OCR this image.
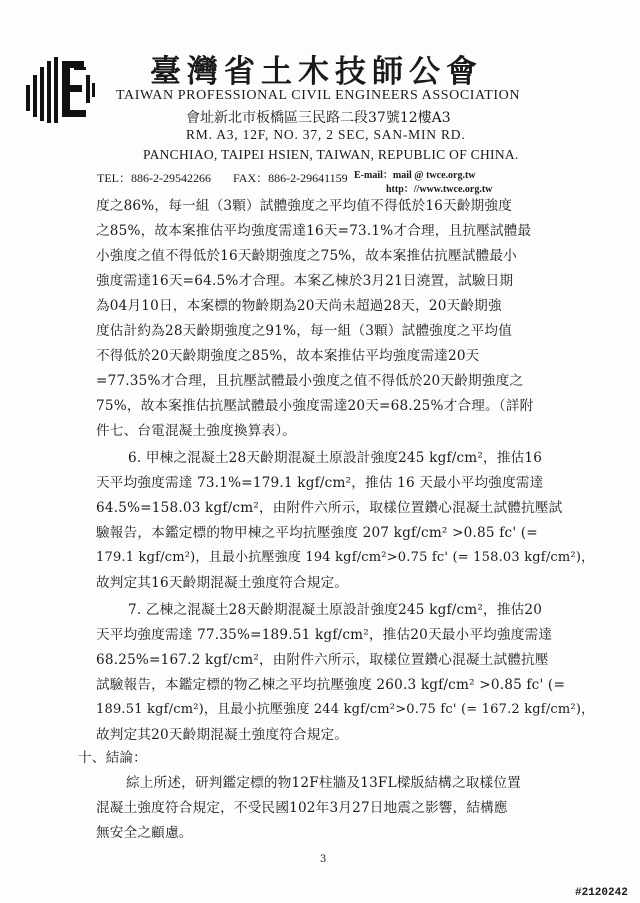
臺灣省土木技師公會
TAIWAN PROFESSIONAL CIVIL ENGINEERS ASSOCIATION
會址新北市板橋區三民路二段37號12樓A3
RM. A3, 12F, NO. 37, 2 SEC, SAN-MIN RD.
PANCHIAO, TAIPEI HSIEN, TAIWAN, REPUBLIC OF CHINA.
TEL：886-2-29542266 FAX：886-2-29641159 E-mail：mail @ twce.org.tw
http：//www.twce.org.tw
度之86%，每一組（3顆）試體強度之平均值不得低於16天齡期強度
之85%，故本案推估平均強度需達16天=73.1%才合理，且抗壓試體最
小強度之值不得低於16天齡期強度之75%，故本案推估抗壓試體最小
強度需達16天=64.5%才合理。本案乙棟於3月21日澆置，試驗日期
為04月10日，本案標的物齡期為20天尚未超過28天，20天齡期強
度估計約為28天齡期強度之91%，每一組（3顆）試體強度之平均值
不得低於20天齡期強度之85%，故本案推估平均強度需達20天
=77.35%才合理，且抗壓試體最小強度之值不得低於20天齡期強度之
75%，故本案推估抗壓試體最小強度需達20天=68.25%才合理。（詳附
件七、台電混凝土強度換算表）。
6. 甲棟之混凝土28天齡期混凝土原設計強度245 kgf/cm²，推估16
天平均強度需達 73.1%=179.1 kgf/cm²，推估 16 天最小平均強度需達
64.5%=158.03 kgf/cm²，由附件六所示，取樣位置鑽心混凝土試體抗壓試
驗報告，本鑑定標的物甲棟之平均抗壓強度 207 kgf/cm² >0.85 fc' (=
179.1 kgf/cm²)，且最小抗壓強度 194 kgf/cm²>0.75 fc' (= 158.03 kgf/cm²)，
故判定其16天齡期混凝土強度符合規定。
7. 乙棟之混凝土28天齡期混凝土原設計強度245 kgf/cm²，推估20
天平均強度需達 77.35%=189.51 kgf/cm²，推估20天最小平均強度需達
68.25%=167.2 kgf/cm²，由附件六所示，取樣位置鑽心混凝土試體抗壓
試驗報告，本鑑定標的物乙棟之平均抗壓強度 260.3 kgf/cm² >0.85 fc' (=
189.51 kgf/cm²)，且最小抗壓強度 244 kgf/cm²>0.75 fc' (= 167.2 kgf/cm²)，
故判定其20天齡期混凝土強度符合規定。
十、結論：
綜上所述，研判鑑定標的物12F柱牆及13FL樑版結構之取樣位置
混凝土強度符合規定，不受民國102年3月27日地震之影響，結構應
無安全之顧慮。
3
#2120242
